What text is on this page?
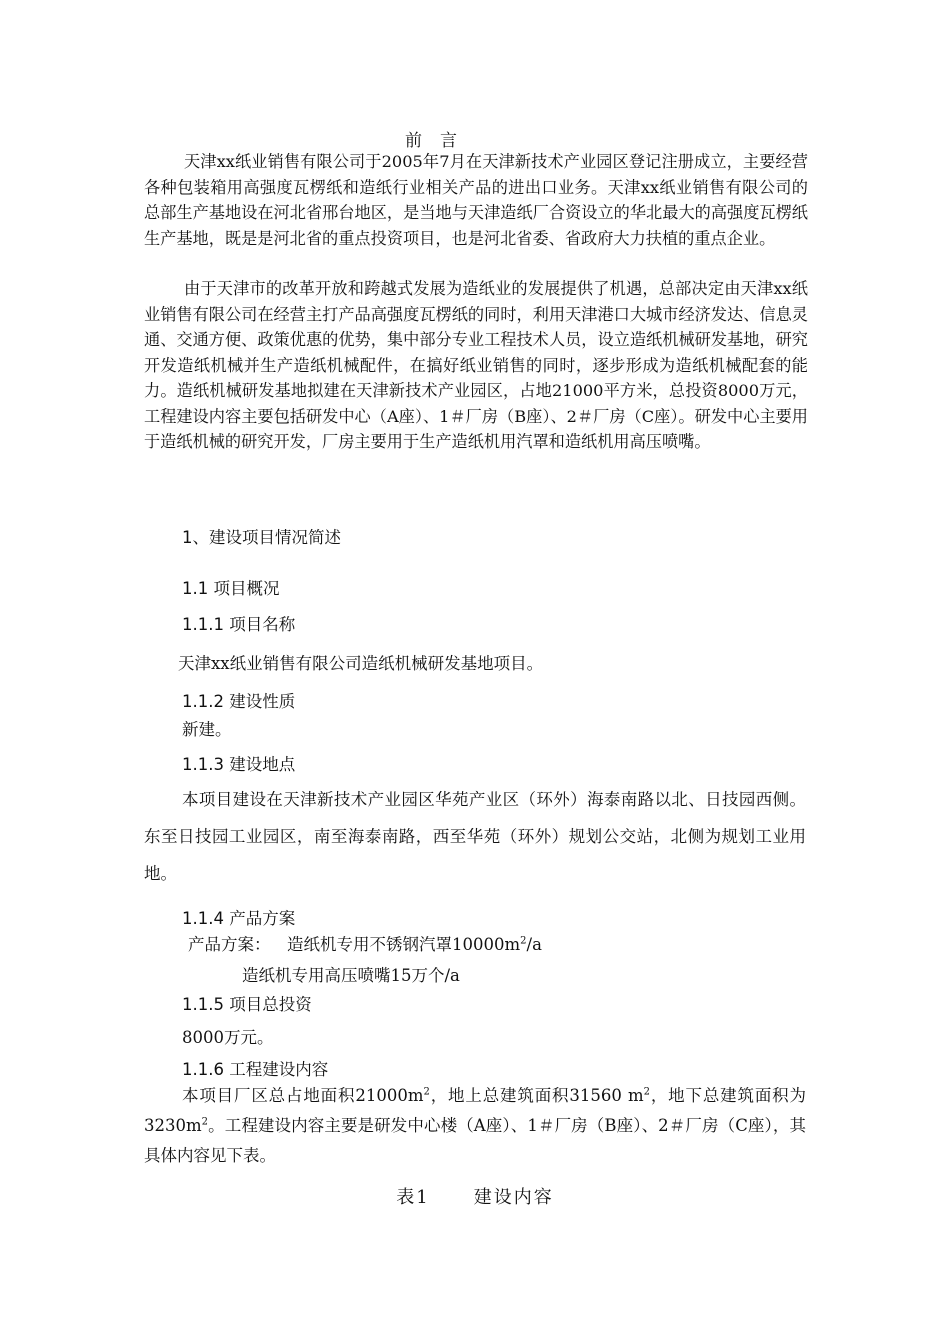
前言
天津xx纸业销售有限公司于2005年7月在天津新技术产业园区登记注册成立，主要经营各种包装箱用高强度瓦楞纸和造纸行业相关产品的进出口业务。天津xx纸业销售有限公司的总部生产基地设在河北省邢台地区，是当地与天津造纸厂合资设立的华北最大的高强度瓦楞纸生产基地，既是是河北省的重点投资项目，也是河北省委、省政府大力扶植的重点企业。
由于天津市的改革开放和跨越式发展为造纸业的发展提供了机遇，总部决定由天津xx纸业销售有限公司在经营主打产品高强度瓦楞纸的同时，利用天津港口大城市经济发达、信息灵通、交通方便、政策优惠的优势，集中部分专业工程技术人员，设立造纸机械研发基地，研究开发造纸机械并生产造纸机械配件，在搞好纸业销售的同时，逐步形成为造纸机械配套的能力。造纸机械研发基地拟建在天津新技术产业园区，占地21000平方米，总投资8000万元，工程建设内容主要包括研发中心（A座）、1＃厂房（B座）、2＃厂房（C座）。研发中心主要用于造纸机械的研究开发，厂房主要用于生产造纸机用汽罩和造纸机用高压喷嘴。
1、建设项目情况简述
1.1 项目概况
1.1.1 项目名称
天津xx纸业销售有限公司造纸机械研发基地项目。
1.1.2 建设性质
新建。
1.1.3 建设地点
本项目建设在天津新技术产业园区华苑产业区（环外）海泰南路以北、日技园西侧。东至日技园工业园区，南至海泰南路，西至华苑（环外）规划公交站，北侧为规划工业用地。
1.1.4 产品方案
产品方案： 造纸机专用不锈钢汽罩$10000m^2/a$
造纸机专用高压喷嘴15万个/a
1.1.5 项目总投资
8000万元。
1.1.6 工程建设内容
本项目厂区总占地面积$21000m^2$，地上总建筑面积31560 $m^2$，地下总建筑面积为$3230m^2$。工程建设内容主要是研发中心楼（A座）、1＃厂房（B座）、2＃厂房（C座），其具体内容见下表。
表1 建设内容
